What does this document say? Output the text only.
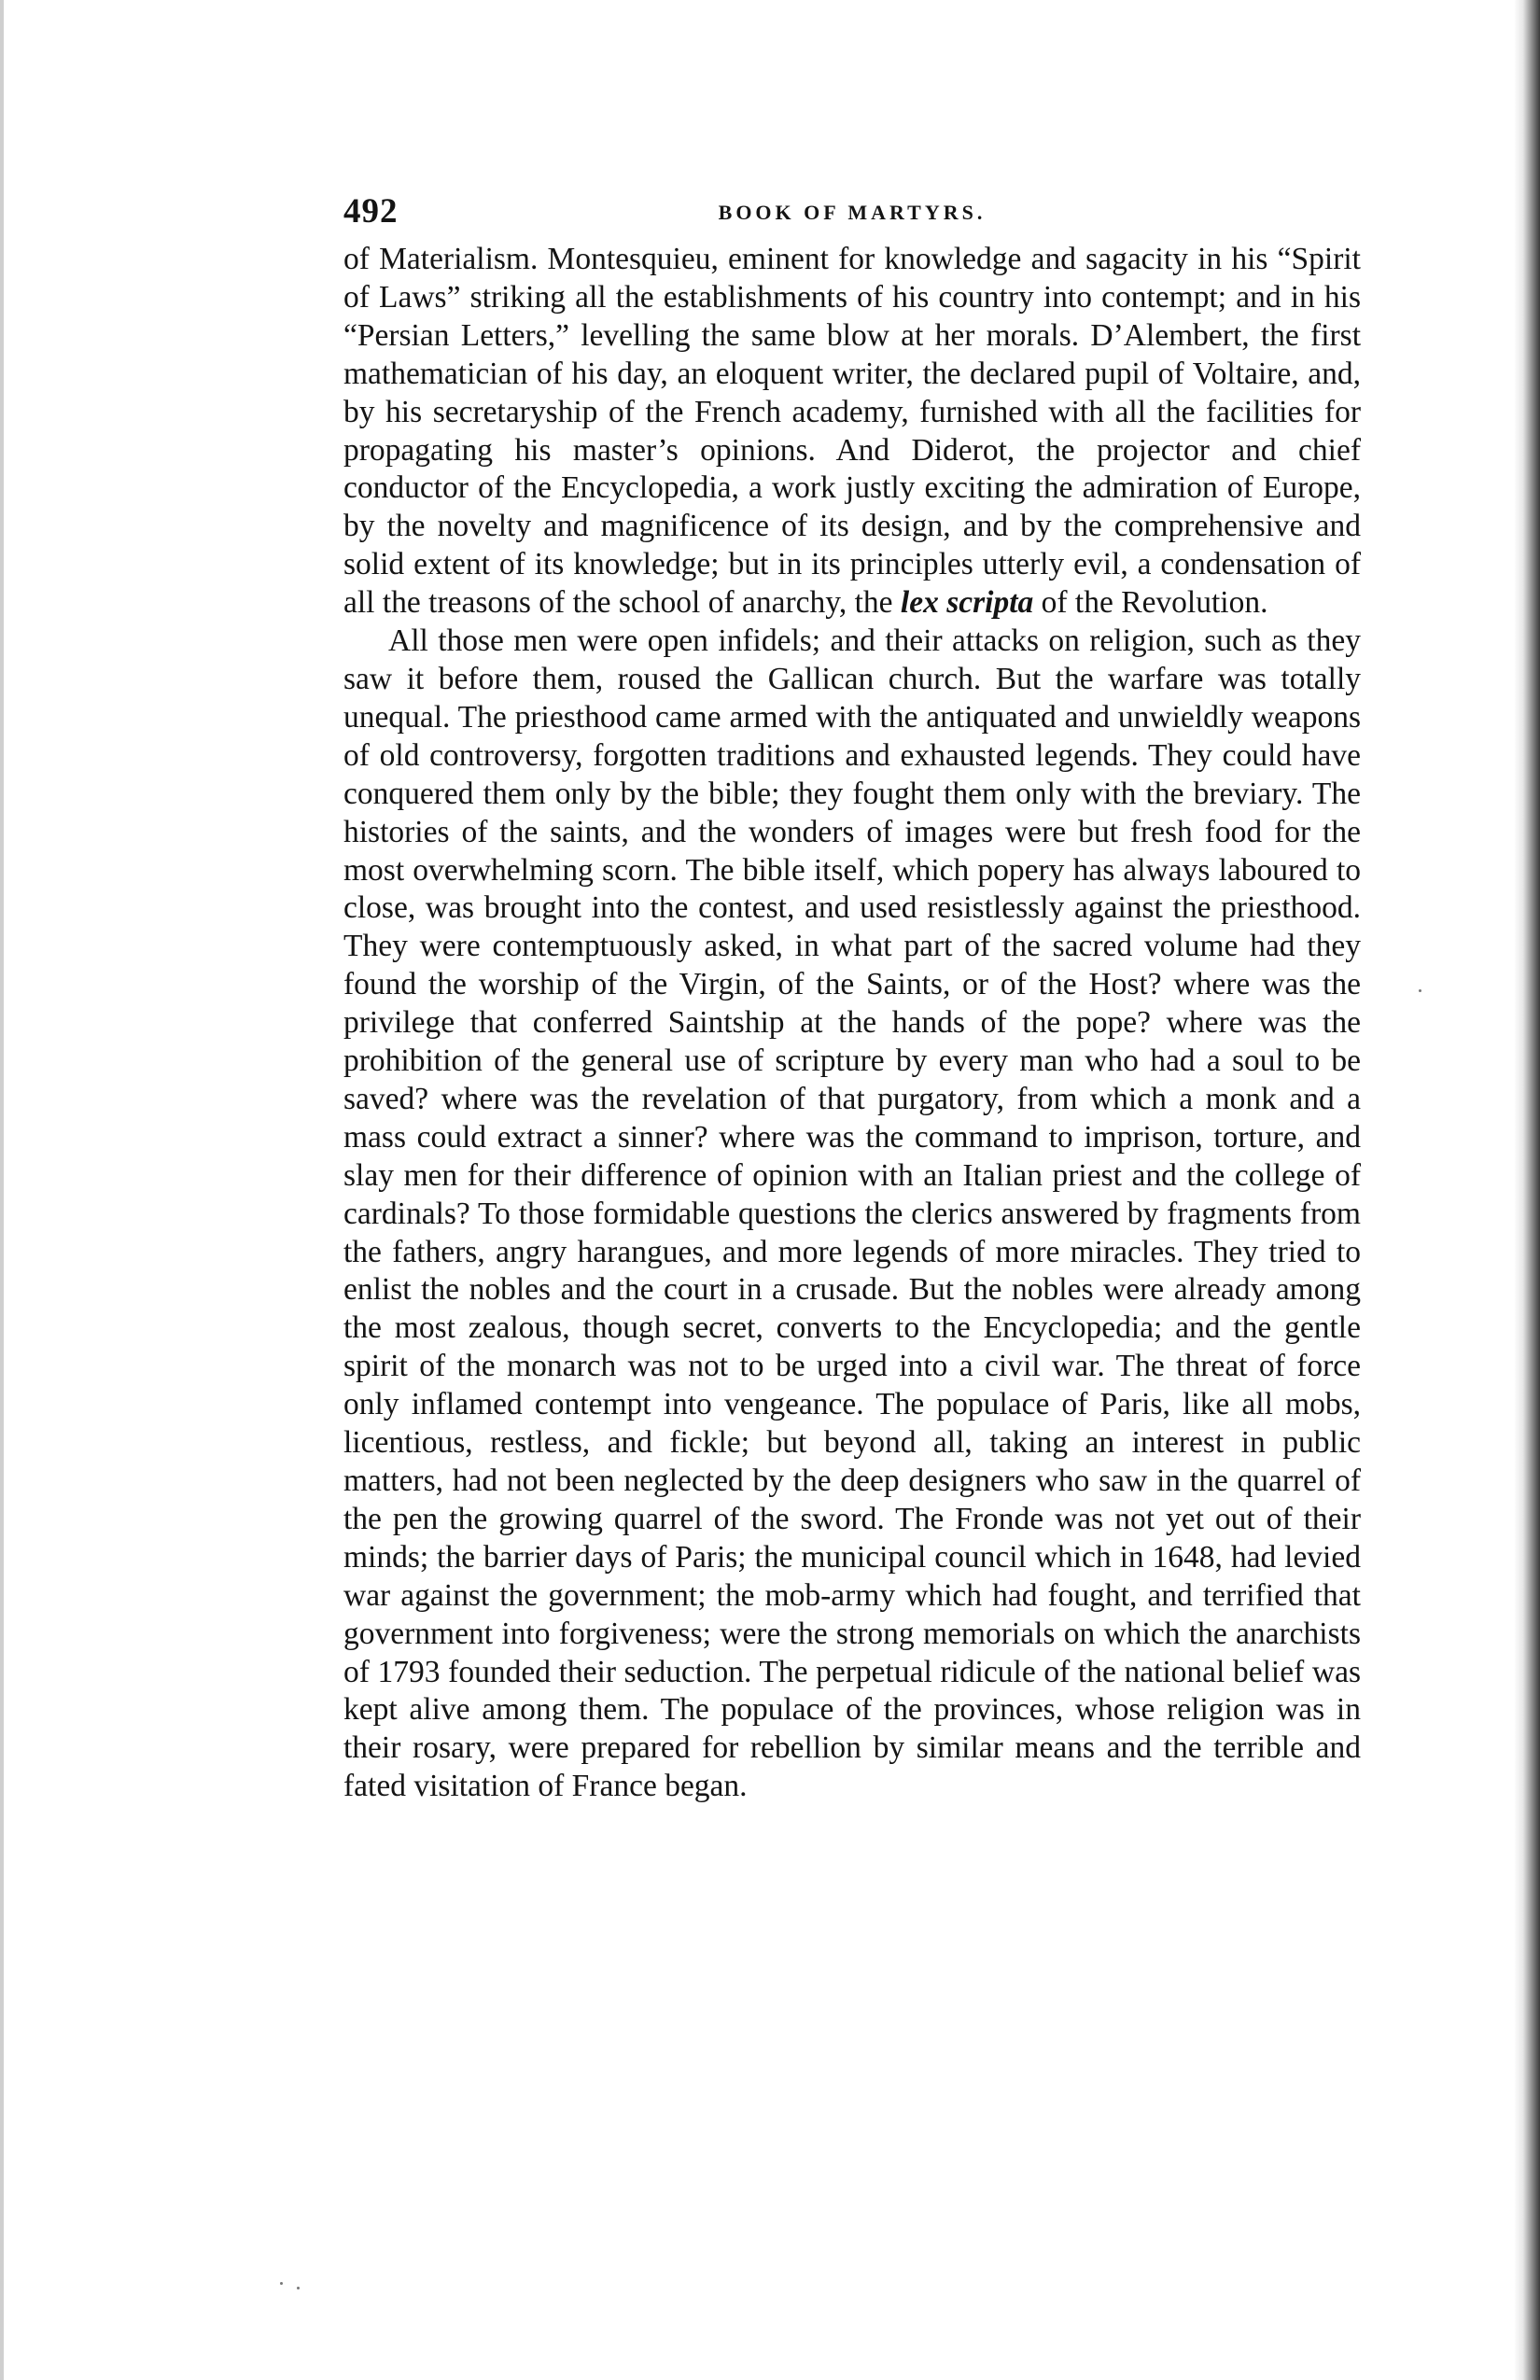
492	BOOK OF MARTYRS.

of Materialism. Montesquieu, eminent for knowledge and sagacity in his “Spirit of Laws” striking all the establishments of his country into contempt; and in his “Persian Letters,” levelling the same blow at her morals. D’Alembert, the first mathematician of his day, an eloquent writer, the declared pupil of Voltaire, and, by his secretaryship of the French academy, furnished with all the facilities for propagating his master’s opinions. And Diderot, the projector and chief conductor of the Encyclopedia, a work justly exciting the admiration of Europe, by the novelty and magnificence of its design, and by the comprehensive and solid extent of its knowledge; but in its principles utterly evil, a condensation of all the treasons of the school of anarchy, the lex scripta of the Revolution.

All those men were open infidels; and their attacks on religion, such as they saw it before them, roused the Gallican church. But the warfare was totally unequal. The priesthood came armed with the antiquated and unwieldly weapons of old controversy, forgotten traditions and exhausted legends. They could have conquered them only by the bible; they fought them only with the breviary. The histories of the saints, and the wonders of images were but fresh food for the most overwhelming scorn. The bible itself, which popery has always laboured to close, was brought into the contest, and used resistlessly against the priesthood. They were contemptuously asked, in what part of the sacred volume had they found the worship of the Virgin, of the Saints, or of the Host? where was the privilege that conferred Saintship at the hands of the pope? where was the prohibition of the general use of scripture by every man who had a soul to be saved? where was the revelation of that purgatory, from which a monk and a mass could extract a sinner? where was the command to imprison, torture, and slay men for their difference of opinion with an Italian priest and the college of cardinals? To those formidable questions the clerics answered by fragments from the fathers, angry harangues, and more legends of more miracles. They tried to enlist the nobles and the court in a crusade. But the nobles were already among the most zealous, though secret, converts to the Encyclopedia; and the gentle spirit of the monarch was not to be urged into a civil war. The threat of force only inflamed contempt into vengeance. The populace of Paris, like all mobs, licentious, restless, and fickle; but beyond all, taking an interest in public matters, had not been neglected by the deep designers who saw in the quarrel of the pen the growing quarrel of the sword. The Fronde was not yet out of their minds; the barrier days of Paris; the municipal council which in 1648, had levied war against the government; the mob-army which had fought, and terrified that government into forgiveness; were the strong memorials on which the anarchists of 1793 founded their seduction. The perpetual ridicule of the national belief was kept alive among them. The populace of the provinces, whose religion was in their rosary, were prepared for rebellion by similar means and the terrible and fated visitation of France began.
